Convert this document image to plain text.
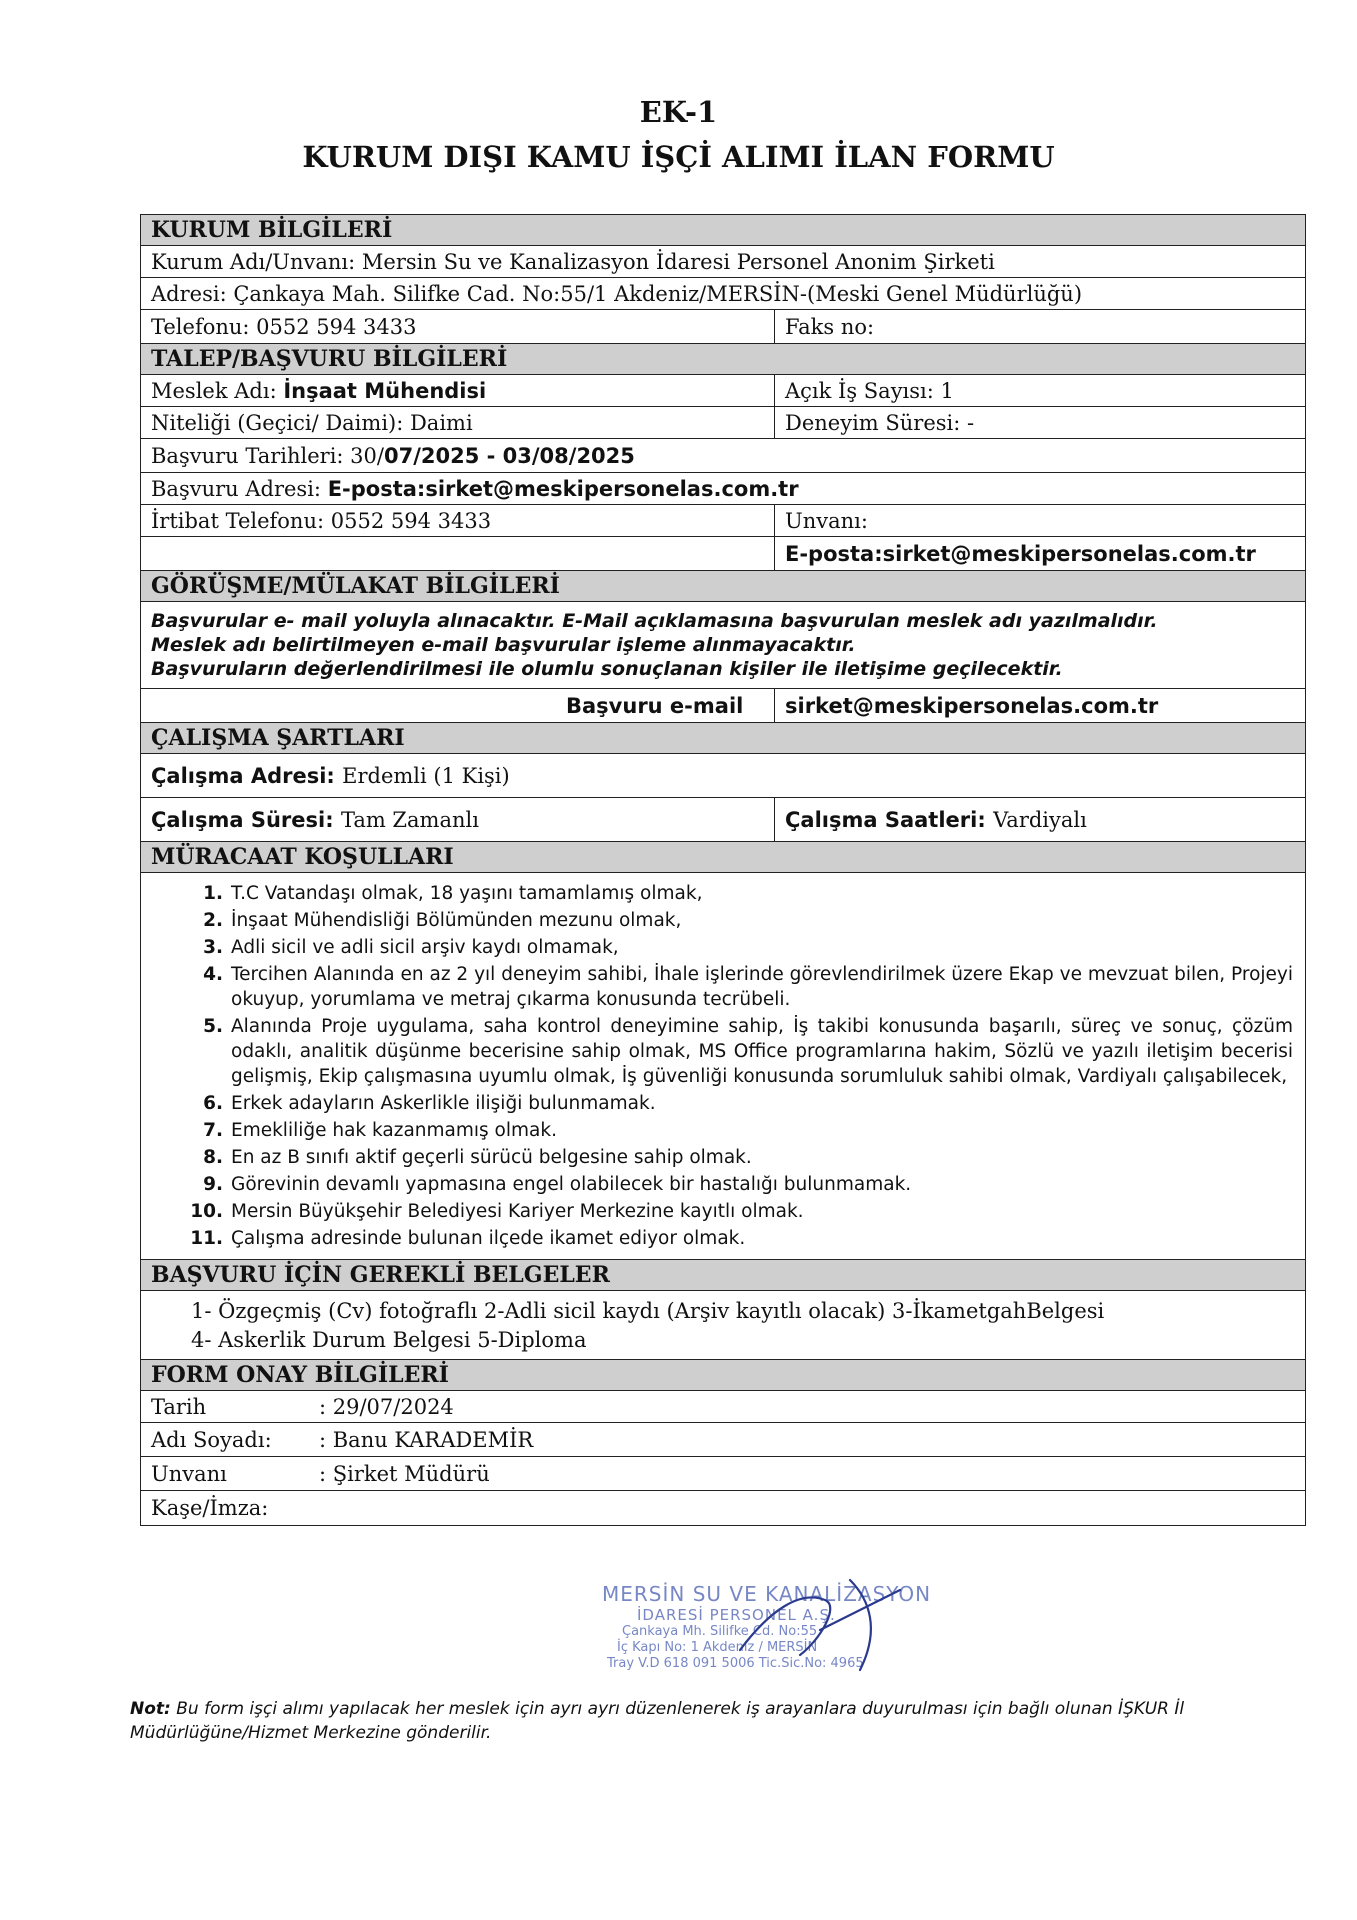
EK-1
KURUM DIŞI KAMU İŞÇİ ALIMI İLAN FORMU
KURUM BİLGİLERİ
Kurum Adı/Unvanı: Mersin Su ve Kanalizasyon İdaresi Personel Anonim Şirketi
Adresi: Çankaya Mah. Silifke Cad. No:55/1 Akdeniz/MERSİN-(Meski Genel Müdürlüğü)
Telefonu: 0552 594 3433	Faks no:
TALEP/BAŞVURU BİLGİLERİ
Meslek Adı: İnşaat Mühendisi	Açık İş Sayısı: 1
Niteliği (Geçici/ Daimi): Daimi	Deneyim Süresi: -
Başvuru Tarihleri: 30/07/2025 - 03/08/2025
Başvuru Adresi: E-posta:sirket@meskipersonelas.com.tr
İrtibat Telefonu: 0552 594 3433	Unvanı:
E-posta:sirket@meskipersonelas.com.tr
GÖRÜŞME/MÜLAKAT BİLGİLERİ

Başvurular e- mail yoluyla alınacaktır. E-Mail açıklamasına başvurulan meslek adı yazılmalıdır.

Meslek adı belirtilmeyen e-mail başvurular işleme alınmayacaktır.

Başvuruların değerlendirilmesi ile olumlu sonuçlanan kişiler ile iletişime geçilecektir.

Başvuru e-mail	sirket@meskipersonelas.com.tr
ÇALIŞMA ŞARTLARI
Çalışma Adresi: Erdemli (1 Kişi)
Çalışma Süresi: Tam Zamanlı	Çalışma Saatleri: Vardiyalı
MÜRACAAT KOŞULLARI
1. T.C Vatandaşı olmak, 18 yaşını tamamlamış olmak,
2. İnşaat Mühendisliği Bölümünden mezunu olmak,
3. Adli sicil ve adli sicil arşiv kaydı olmamak,
4. Tercihen Alanında en az 2 yıl deneyim sahibi, İhale işlerinde görevlendirilmek üzere Ekap ve mevzuat bilen, Projeyi okuyup, yorumlama ve metraj çıkarma konusunda tecrübeli.
5. Alanında Proje uygulama, saha kontrol deneyimine sahip, İş takibi konusunda başarılı, süreç ve sonuç, çözüm odaklı, analitik düşünme becerisine sahip olmak, MS Office programlarına hakim, Sözlü ve yazılı iletişim becerisi gelişmiş, Ekip çalışmasına uyumlu olmak, İş güvenliği konusunda sorumluluk sahibi olmak, Vardiyalı çalışabilecek,
6. Erkek adayların Askerlikle ilişiği bulunmamak.
7. Emekliliğe hak kazanmamış olmak.
8. En az B sınıfı aktif geçerli sürücü belgesine sahip olmak.
9. Görevinin devamlı yapmasına engel olabilecek bir hastalığı bulunmamak.
10. Mersin Büyükşehir Belediyesi Kariyer Merkezine kayıtlı olmak.
11. Çalışma adresinde bulunan ilçede ikamet ediyor olmak.
BAŞVURU İÇİN GEREKLİ BELGELER
1- Özgeçmiş (Cv) fotoğraflı 2-Adli sicil kaydı (Arşiv kayıtlı olacak) 3-İkametgahBelgesi
4- Askerlik Durum Belgesi 5-Diploma
FORM ONAY BİLGİLERİ
Tarih	: 29/07/2024
Adı Soyadı: : Banu KARADEMİR
Unvanı	: Şirket Müdürü
Kaşe/İmza:
MERSİN SU VE KANALİZASYON
İDARESİ PERSONEL A.Ş.
Çankaya Mh. Silifke Cd. No:55
İç Kapı No: 1 Akdeniz / MERSİN
Tray V.D 618 091 5006 Tic.Sic.No: 4965
Not: Bu form işçi alımı yapılacak her meslek için ayrı ayrı düzenlenerek iş arayanlara duyurulması için bağlı olunan İŞKUR İl Müdürlüğüne/Hizmet Merkezine gönderilir.
